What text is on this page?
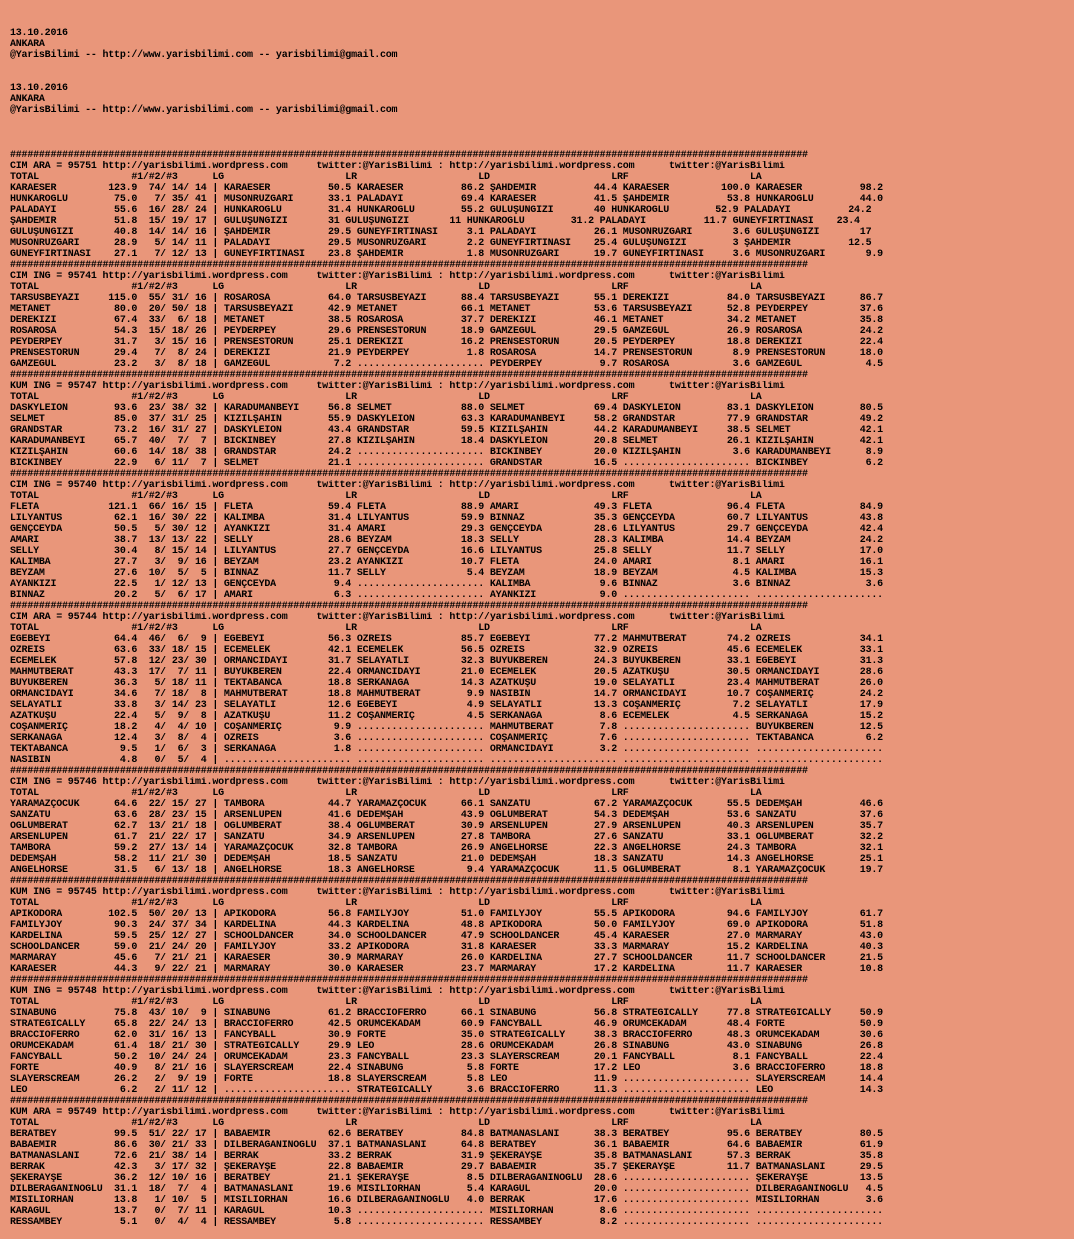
13.10.2016
ANKARA
@YarisBilimi -- http://www.yarisbilimi.com -- yarisbilimi@gmail.com
13.10.2016
ANKARA
@YarisBilimi -- http://www.yarisbilimi.com -- yarisbilimi@gmail.com

##########################################################################################################################################
CIM ARA = 95751 http://yarisbilimi.wordpress.com     twitter:@YarisBilimi : http://yarisbilimi.wordpress.com      twitter:@YarisBilimi
TOTAL                #1/#2/#3      LG                     LR                     LD                     LRF                     LA
KARAESER         123.9  74/ 14/ 14 | KARAESER          50.5 KARAESER          86.2 ŞAHDEMİR          44.4 KARAESER         100.0 KARAESER          98.2
HUNKAROGLU        75.0   7/ 35/ 41 | MUSONRÜZGARI      33.1 PALADAYI          69.4 KARAESER          41.5 ŞAHDEMİR          53.8 HUNKAROGLU        44.0
PALADAYI          55.6  16/ 28/ 24 | HÜNKAROGLU        31.4 HÜNKAROGLU        55.2 GULUŞUNGIZI       40 HUNKAROGLU        52.9 PALADAYI          24.2
ŞAHDEMİR          51.8  15/ 19/ 17 | GULUŞUNGIZI       31 GULUŞUNGIZI       11 HÜNKAROGLU        31.2 PALADAYI          11.7 GUNEYFIRTINASI    23.4
GULUŞUNGIZI       40.8  14/ 14/ 16 | ŞAHDEMİR          29.5 GUNEYFIRTINASI     3.1 PALADAYI          26.1 MUSONRÜZGARI       3.6 GULUŞUNGIZI       17
MUSONRÜZGARI      28.9   5/ 14/ 11 | PALADAYI          29.5 MUSONRÜZGARI       2.2 GUNEYFIRTINASI    25.4 GULUŞUNGIZI        3 ŞAHDEMİR          12.5
GUNEYFIRTINASI    27.1   7/ 12/ 13 | GUNEYFIRTINASI    23.8 ŞAHDEMİR           1.8 MUSONRÜZGARI      19.7 GUNEYFIRTINASI     3.6 MUSONRÜZGARI       9.9
##########################################################################################################################################
CIM ING = 95741 http://yarisbilimi.wordpress.com     twitter:@YarisBilimi : http://yarisbilimi.wordpress.com      twitter:@YarisBilimi
TOTAL                #1/#2/#3      LG                     LR                     LD                     LRF                     LA
TARSUSBEYAZI     115.0  55/ 31/ 16 | ROSAROSA          64.0 TARSUSBEYAZI      88.4 TARSUSBEYAZI      55.1 DEREKIZI          84.0 TARSUSBEYAZI      86.7
METANET           80.0  20/ 50/ 18 | TARSUSBEYAZI      42.9 METANET           66.1 METANET           53.6 TARSUSBEYAZI      52.8 PEYDERPEY         37.6
DEREKIZI          67.4  33/  6/ 18 | METANET           38.5 ROSAROSA          37.7 DEREKIZI          46.1 METANET           34.2 METANET           35.8
ROSAROSA          54.3  15/ 18/ 26 | PEYDERPEY         29.6 PRENSESTORUN      18.9 GAMZEGUL          29.5 GAMZEGUL          26.9 ROSAROSA          24.2
PEYDERPEY         31.7   3/ 15/ 16 | PRENSESTORUN      25.1 DEREKIZI          16.2 PRENSESTORUN      20.5 PEYDERPEY         18.8 DEREKIZI          22.4
PRENSESTORUN      29.4   7/  8/ 24 | DEREKIZI          21.9 PEYDERPEY          1.8 ROSAROSA          14.7 PRENSESTORUN       8.9 PRENSESTORUN      18.0
GAMZEGUL          23.2   3/  8/ 18 | GAMZEGUL           7.2 ...................... PEYDERPEY          9.7 ROSAROSA           3.6 GAMZEGUL           4.5
##########################################################################################################################################
KUM ING = 95747 http://yarisbilimi.wordpress.com     twitter:@YarisBilimi : http://yarisbilimi.wordpress.com      twitter:@YarisBilimi
TOTAL                #1/#2/#3      LG                     LR                     LD                     LRF                     LA
DASKYLEION        93.6  23/ 38/ 32 | KARADUMANBEYİ     56.8 SELMET            88.0 SELMET            69.4 DASKYLEION        83.1 DASKYLEION        80.5
SELMET            85.0  37/ 31/ 25 | KIZILŞAHİN        55.9 DASKYLEION        63.3 KARADUMANBEYİ     58.2 GRANDSTAR         77.9 GRANDSTAR         49.2
GRANDSTAR         73.2  16/ 31/ 27 | DASKYLEION        43.4 GRANDSTAR         59.5 KIZILŞAHİN        44.2 KARADUMANBEYİ     38.5 SELMET            42.1
KARADUMANBEYİ     65.7  40/  7/  7 | BICKINBEY         27.8 KIZILŞAHİN        18.4 DASKYLEION        20.8 SELMET            26.1 KIZILŞAHİN        42.1
KIZILŞAHİN        60.6  14/ 18/ 38 | GRANDSTAR         24.2 ...................... BICKINBEY         20.0 KIZILŞAHİN         3.6 KARADUMANBEYİ      8.9
BICKINBEY         22.9   6/ 11/  7 | SELMET            21.1 ...................... GRANDSTAR         16.5 ...................... BICKINBEY          6.2
##########################################################################################################################################
CIM ING = 95740 http://yarisbilimi.wordpress.com     twitter:@YarisBilimi : http://yarisbilimi.wordpress.com      twitter:@YarisBilimi
TOTAL                #1/#2/#3      LG                     LR                     LD                     LRF                     LA
FLETA            121.1  66/ 16/ 15 | FLETA             59.4 FLETA             88.9 AMARİ             49.3 FLETA             96.4 FLETA             84.9
LILYANTUS         62.1  16/ 30/ 22 | KALIMBA           31.4 LILYANTUS         59.9 BINNAZ            35.3 GENÇCEYDA         60.7 LILYANTUS         43.8
GENÇCEYDA         50.5   5/ 30/ 12 | AYANKIZI          31.4 AMARİ             29.3 GENÇCEYDA         28.6 LILYANTUS         29.7 GENÇCEYDA         42.4
AMARİ             38.7  13/ 13/ 22 | SELLY             28.6 BEYZAM            18.3 SELLY             28.3 KALIMBA           14.4 BEYZAM            24.2
SELLY             30.4   8/ 15/ 14 | LILYANTUS         27.7 GENÇCEYDA         16.6 LILYANTUS         25.8 SELLY             11.7 SELLY             17.0
KALIMBA           27.7   3/  9/ 16 | BEYZAM            23.2 AYANKIZI          10.7 FLETA             24.0 AMARİ              8.1 AMARİ             16.1
BEYZAM            27.6  10/  5/  5 | BINNAZ            11.7 SELLY              5.4 BEYZAM            18.9 BEYZAM             4.5 KALIMBA           15.3
AYANKIZI          22.5   1/ 12/ 13 | GENÇCEYDA          9.4 ...................... KALIMBA            9.6 BINNAZ             3.6 BINNAZ             3.6
BINNAZ            20.2   5/  6/ 17 | AMARİ              6.3 ...................... AYANKIZI           9.0 ...................... ......................
##########################################################################################################################################
CIM ARA = 95744 http://yarisbilimi.wordpress.com     twitter:@YarisBilimi : http://yarisbilimi.wordpress.com      twitter:@YarisBilimi
TOTAL                #1/#2/#3      LG                     LR                     LD                     LRF                     LA
EGEBEYİ           64.4  46/  6/  9 | EGEBEYİ           56.3 ÖZREİS            85.7 EGEBEYİ           77.2 MAHMUTBERAT       74.2 ÖZREİS            34.1
ÖZREİS            63.6  33/ 18/ 15 | ECEMELEK          42.1 ECEMELEK          56.5 ÖZREİS            32.9 ÖZREİS            45.6 ECEMELEK          33.1
ECEMELEK          57.8  12/ 23/ 30 | ORMANCIDAYI       31.7 SELAYATLI         32.3 BUYUKBEREN        24.3 BUYUKBEREN        33.1 EGEBEYİ           31.3
MAHMUTBERAT       43.3  17/  7/ 11 | BUYUKBEREN        22.4 ORMANCIDAYI       21.0 ECEMELEK          20.5 AZATKUŞU          30.5 ORMANCIDAYI       28.6
BUYUKBEREN        36.3   5/ 18/ 11 | TEKTABANCA        18.8 SERKANAGA         14.3 AZATKUŞU          19.0 SELAYATLI         23.4 MAHMUTBERAT       26.0
ORMANCIDAYI       34.6   7/ 18/  8 | MAHMUTBERAT       18.8 MAHMUTBERAT        9.9 NASIBİN           14.7 ORMANCIDAYI       10.7 COŞANMERİÇ        24.2
SELAYATLI         33.8   3/ 14/ 23 | SELAYATLI         12.6 EGEBEYİ            4.9 SELAYATLI         13.3 COŞANMERİÇ         7.2 SELAYATLI         17.9
AZATKUŞU          22.4   5/  9/  8 | AZATKUŞU          11.2 COŞANMERİÇ         4.5 SERKANAGA          8.6 ECEMELEK           4.5 SERKANAGA         15.2
COŞANMERİÇ        18.2   4/  4/ 10 | COŞANMERİÇ         9.9 ...................... MAHMUTBERAT        7.8 ...................... BUYUKBEREN        12.5
SERKANAGA         12.4   3/  8/  4 | ÖZREİS             3.6 ...................... COŞANMERİÇ         7.6 ...................... TEKTABANCA         6.2
TEKTABANCA         9.5   1/  6/  3 | SERKANAGA          1.8 ...................... ORMANCIDAYI        3.2 ...................... ......................
NASIBIN            4.8   0/  5/  4 | ...................... ...................... ...................... ...................... ......................
##########################################################################################################################################
CIM ING = 95746 http://yarisbilimi.wordpress.com     twitter:@YarisBilimi : http://yarisbilimi.wordpress.com      twitter:@YarisBilimi
TOTAL                #1/#2/#3      LG                     LR                     LD                     LRF                     LA
YARAMAZÇOCUK      64.6  22/ 15/ 27 | TAMBORA           44.7 YARAMAZÇOCUK      66.1 SANZATU           67.2 YARAMAZÇOCUK      55.5 DEDEMŞAH          46.6
SANZATU           63.6  28/ 23/ 15 | ARSENLUPEN        41.6 DEDEMŞAH          43.9 OGLUMBERAT        54.3 DEDEMŞAH          53.6 SANZATU           37.6
OGLUMBERAT        62.7  13/ 21/ 18 | OGLUMBERAT        38.4 OGLUMBERAT        30.9 ARSENLUPEN        27.9 ARSENLUPEN        40.3 ARSENLUPEN        35.7
ARSENLUPEN        61.7  21/ 22/ 17 | SANZATU           34.9 ARSENLUPEN        27.8 TAMBORA           27.6 SANZATU           33.1 OGLUMBERAT        32.2
TAMBORA           59.2  27/ 13/ 14 | YARAMAZÇOCUK      32.8 TAMBORA           26.9 ANGELHORSE        22.3 ANGELHORSE        24.3 TAMBORA           32.1
DEDEMŞAH          58.2  11/ 21/ 30 | DEDEMŞAH          18.5 SANZATU           21.0 DEDEMŞAH          18.3 SANZATU           14.3 ANGELHORSE        25.1
ANGELHORSE        31.5   6/ 13/ 18 | ANGELHORSE        18.3 ANGELHORSE         9.4 YARAMAZÇOCUK      11.5 OGLUMBERAT         8.1 YARAMAZÇOCUK      19.7
##########################################################################################################################################
KUM ING = 95745 http://yarisbilimi.wordpress.com     twitter:@YarisBilimi : http://yarisbilimi.wordpress.com      twitter:@YarisBilimi
TOTAL                #1/#2/#3      LG                     LR                     LD                     LRF                     LA
APIKODORA        102.5  50/ 20/ 13 | APIKODORA         56.8 FAMILYJOY         51.0 FAMILYJOY         55.5 APIKODORA         94.6 FAMILYJOY         61.7
FAMILYJOY         90.3  24/ 37/ 34 | KARDELINA         44.3 KARDELINA         48.8 APIKODORA         50.0 FAMILYJOY         69.0 APIKODORA         51.8
KARDELINA         59.5  25/ 12/ 27 | SCHOOLDANCER      34.0 SCHOOLDANCER      47.9 SCHOOLDANCER      45.4 KARAESER          27.0 MARMARAY          43.0
SCHOOLDANCER      59.0  21/ 24/ 20 | FAMILYJOY         33.2 APIKODORA         31.8 KARAESER          33.3 MARMARAY          15.2 KARDELINA         40.3
MARMARAY          45.6   7/ 21/ 21 | KARAESER          30.9 MARMARAY          26.0 KARDELINA         27.7 SCHOOLDANCER      11.7 SCHOOLDANCER      21.5
KARAESER          44.3   9/ 22/ 21 | MARMARAY          30.0 KARAESER          23.7 MARMARAY          17.2 KARDELINA         11.7 KARAESER          10.8
##########################################################################################################################################
KUM ING = 95748 http://yarisbilimi.wordpress.com     twitter:@YarisBilimi : http://yarisbilimi.wordpress.com      twitter:@YarisBilimi
TOTAL                #1/#2/#3      LG                     LR                     LD                     LRF                     LA
SINABUNG          75.8  43/ 10/  9 | SINABUNG          61.2 BRACCIOFERRO      66.1 SINABUNG          56.8 STRATEGICALLY     77.8 STRATEGICALLY     50.9
STRATEGICALLY     65.8  22/ 24/ 13 | BRACCIOFERRO      42.5 ORUMCEKADAM       60.9 FANCYBALL         46.9 ORUMCEKADAM       48.4 FORTE             50.9
BRACCIOFERRO      62.0  31/ 16/ 13 | FANCYBALL         30.9 FORTE             35.0 STRATEGICALLY     38.3 BRACCIOFERRO      48.3 ORUMCEKADAM       30.6
ORUMCEKADAM       61.4  18/ 21/ 30 | STRATEGICALLY     29.9 LEO               28.6 ORUMCEKADAM       26.8 SINABUNG          43.0 SINABUNG          26.8
FANCYBALL         50.2  10/ 24/ 24 | ORUMCEKADAM       23.3 FANCYBALL         23.3 SLAYERSCREAM      20.1 FANCYBALL          8.1 FANCYBALL         22.4
FORTE             40.9   8/ 21/ 16 | SLAYERSCREAM      22.4 SINABUNG           5.8 FORTE             17.2 LEO                3.6 BRACCIOFERRO      18.8
SLAYERSCREAM      26.2   2/  9/ 19 | FORTE             18.8 SLAYERSCREAM       5.8 LEO               11.9 ...................... SLAYERSCREAM      14.4
LEO                6.2   2/ 11/ 12 | ...................... STRATEGICALLY      3.6 BRACCIOFERRO      11.3 ...................... LEO               14.3
##########################################################################################################################################
KUM ARA = 95749 http://yarisbilimi.wordpress.com     twitter:@YarisBilimi : http://yarisbilimi.wordpress.com      twitter:@YarisBilimi
TOTAL                #1/#2/#3      LG                     LR                     LD                     LRF                     LA
BERATBEY          99.5  51/ 22/ 17 | BABAEMİR          62.6 BERATBEY          84.8 BATMANASLANI      38.3 BERATBEY          95.6 BERATBEY          80.5
BABAEMİR          86.6  30/ 21/ 33 | DİLBERAGANINOĞLU  37.1 BATMANASLANI      64.8 BERATBEY          36.1 BABAEMİR          64.6 BABAEMİR          61.9
BATMANASLANI      72.6  21/ 38/ 14 | BERRAK            33.2 BERRAK            31.9 ŞEKERAYŞE         35.8 BATMANASLANI      57.3 BERRAK            35.8
BERRAK            42.3   3/ 17/ 32 | ŞEKERAYŞE         22.8 BABAEMİR          29.7 BABAEMİR          35.7 ŞEKERAYŞE         11.7 BATMANASLANI      29.5
ŞEKERAYŞE         36.2  12/ 10/ 16 | BERATBEY          21.1 ŞEKERAYŞE          8.5 DİLBERAGANINOĞLU  28.6 ...................... ŞEKERAYŞE         13.5
DİLBERAGANINOĞLU  31.1  18/  7/  4 | BATMANASLANI      19.6 MISILIORHAN        5.4 KARAGUL           20.0 ...................... DİLBERAGANINOĞLU   4.5
MISILIORHAN       13.8   1/ 10/  5 | MISILIORHAN       16.6 DİLBERAGANINOĞLU   4.0 BERRAK            17.6 ...................... MISILIORHAN        3.6
KARAGUL           13.7   0/  7/ 11 | KARAGUL           10.3 ...................... MISILIORHAN        8.6 ...................... ......................
RESSAMBEY          5.1   0/  4/  4 | RESSAMBEY          5.8 ...................... RESSAMBEY          8.2 ...................... ......................
